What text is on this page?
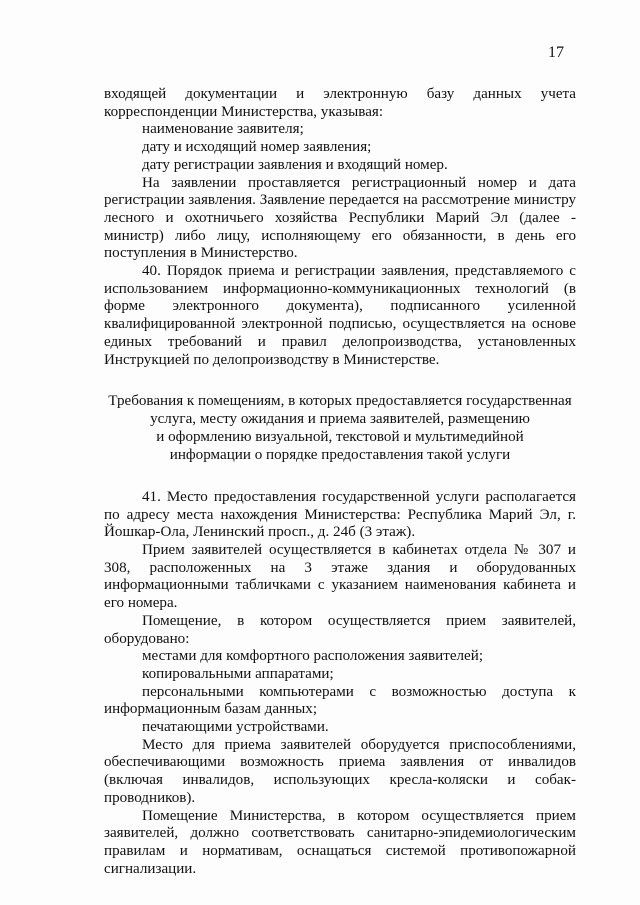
17

входящей документации и электронную базу данных учета

корреспонденции Министерства, указывая:

наименование заявителя;

дату и исходящий номер заявления;

дату регистрации заявления и входящий номер.

На заявлении проставляется регистрационный номер и дата регистрации заявления. Заявление передается на рассмотрение министру лесного и охотничьего хозяйства Республики Марий Эл (далее - министр) либо лицу, исполняющему его обязанности, в день его поступления в Министерство.

40. Порядок приема и регистрации заявления, представляемого с использованием информационно-коммуникационных технологий (в форме электронного документа), подписанного усиленной квалифицированной электронной подписью, осуществляется на основе единых требований и правил делопроизводства, установленных Инструкцией по делопроизводству в Министерстве.

Требования к помещениям, в которых предоставляется государственная

услуга, месту ожидания и приема заявителей, размещению

и оформлению визуальной, текстовой и мультимедийной

информации о порядке предоставления такой услуги

41. Место предоставления государственной услуги располагается по адресу места нахождения Министерства: Республика Марий Эл, г. Йошкар-Ола, Ленинский просп., д. 24б (3 этаж).

Прием заявителей осуществляется в кабинетах отдела № 307 и 308, расположенных на 3 этаже здания и оборудованных информационными табличками с указанием наименования кабинета и его номера.

Помещение, в котором осуществляется прием заявителей, оборудовано:

местами для комфортного расположения заявителей;

копировальными аппаратами;

персональными компьютерами с возможностью доступа к информационным базам данных;

печатающими устройствами.

Место для приема заявителей оборудуется приспособлениями, обеспечивающими возможность приема заявления от инвалидов (включая инвалидов, использующих кресла-коляски и собак-проводников).

Помещение Министерства, в котором осуществляется прием заявителей, должно соответствовать санитарно-эпидемиологическим правилам и нормативам, оснащаться системой противопожарной сигнализации.
